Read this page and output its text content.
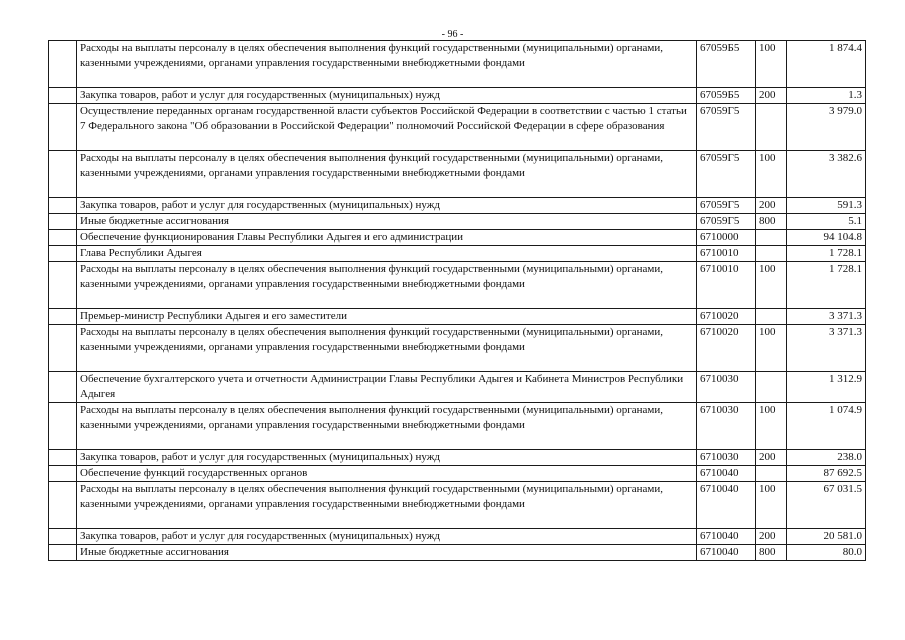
- 96 -
	Расходы на выплаты персоналу в целях обеспечения выполнения функций государственными (муниципальными) органами, казенными учреждениями, органами управления государственными внебюджетными фондами	67059Б5	100	1 874.4
	Закупка товаров, работ и услуг для государственных (муниципальных) нужд	67059Б5	200	1.3
	Осуществление переданных органам государственной власти субъектов Российской Федерации в соответствии с частью 1 статьи 7 Федерального закона "Об образовании в Российской Федерации" полномочий Российской Федерации в сфере образования	67059Г5		3 979.0
	Расходы на выплаты персоналу в целях обеспечения выполнения функций государственными (муниципальными) органами, казенными учреждениями, органами управления государственными внебюджетными фондами	67059Г5	100	3 382.6
	Закупка товаров, работ и услуг для государственных (муниципальных) нужд	67059Г5	200	591.3
	Иные бюджетные ассигнования	67059Г5	800	5.1
	Обеспечение функционирования Главы Республики Адыгея и его администрации	6710000		94 104.8
	Глава Республики Адыгея	6710010		1 728.1
	Расходы на выплаты персоналу в целях обеспечения выполнения функций государственными (муниципальными) органами, казенными учреждениями, органами управления государственными внебюджетными фондами	6710010	100	1 728.1
	Премьер-министр Республики Адыгея и его заместители	6710020		3 371.3
	Расходы на выплаты персоналу в целях обеспечения выполнения функций государственными (муниципальными) органами, казенными учреждениями, органами управления государственными внебюджетными фондами	6710020	100	3 371.3
	Обеспечение бухгалтерского учета и отчетности Администрации Главы Республики Адыгея и Кабинета Министров Республики Адыгея	6710030		1 312.9
	Расходы на выплаты персоналу в целях обеспечения выполнения функций государственными (муниципальными) органами, казенными учреждениями, органами управления государственными внебюджетными фондами	6710030	100	1 074.9
	Закупка товаров, работ и услуг для государственных (муниципальных) нужд	6710030	200	238.0
	Обеспечение функций государственных органов	6710040		87 692.5
	Расходы на выплаты персоналу в целях обеспечения выполнения функций государственными (муниципальными) органами, казенными учреждениями, органами управления государственными внебюджетными фондами	6710040	100	67 031.5
	Закупка товаров, работ и услуг для государственных (муниципальных) нужд	6710040	200	20 581.0
	Иные бюджетные ассигнования	6710040	800	80.0
